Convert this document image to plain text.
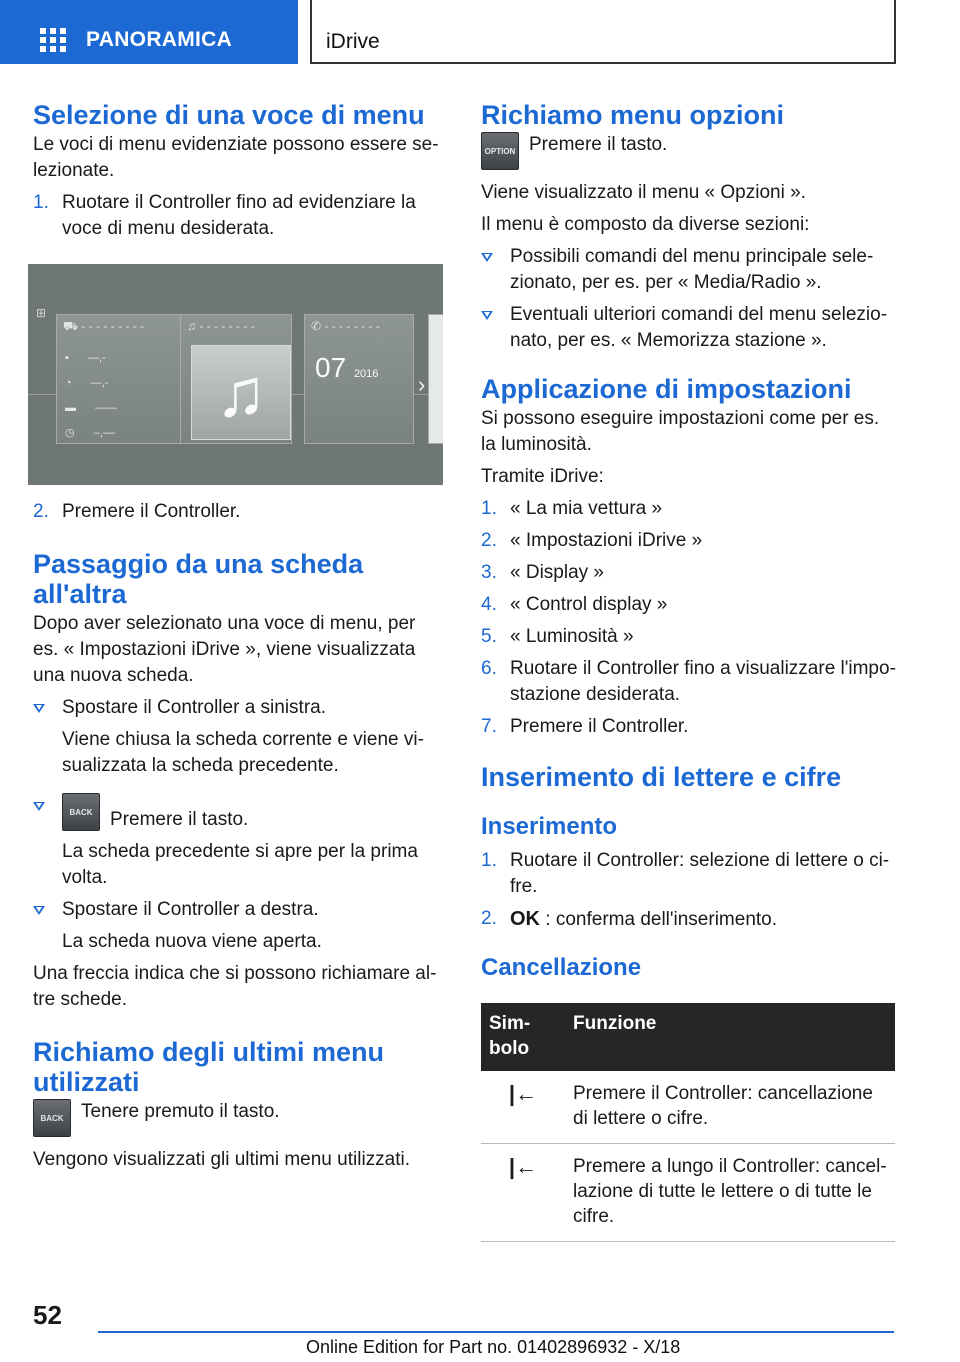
PANORAMICA	iDrive
Selezione di una voce di menu

Le voci di menu evidenziate possono essere selezionate.

1. Ruotare il Controller fino ad evidenziare la voce di menu desiderata.
⊞
⛟ - - - - - - - - -
▪ —,-
◔ —,-
▬ ——
◷ –,––
♫ - - - - - - - -
♫
✆ - - - - - - - -
07 2016 ›
2. Premere il Controller.
Passaggio da una scheda all'altra

Dopo aver selezionato una voce di menu, per es. « Impostazioni iDrive », viene visualizzata una nuova scheda.

Spostare il Controller a sinistra.
Viene chiusa la scheda corrente e viene visualizzata la scheda precedente.
BACK Premere il tasto.
La scheda precedente si apre per la prima volta.
Spostare il Controller a destra.
La scheda nuova viene aperta.

Una freccia indica che si possono richiamare altre schede.

Richiamo degli ultimi menu utilizzati
BACK Tenere premuto il tasto.

Vengono visualizzati gli ultimi menu utilizzati.

Richiamo menu opzioni
OPTION Premere il tasto.

Viene visualizzato il menu « Opzioni ».

Il menu è composto da diverse sezioni:

Possibili comandi del menu principale selezionato, per es. per « Media/Radio ».
Eventuali ulteriori comandi del menu selezionato, per es. « Memorizza stazione ».
Applicazione di impostazioni

Si possono eseguire impostazioni come per es. la luminosità.

Tramite iDrive:

1. « La mia vettura »
2. « Impostazioni iDrive »
3. « Display »
4. « Control display »
5. « Luminosità »
6. Ruotare il Controller fino a visualizzare l'impostazione desiderata.
7. Premere il Controller.
Inserimento di lettere e cifre
Inserimento
1. Ruotare il Controller: selezione di lettere o cifre.
2. OK : conferma dell'inserimento.
Cancellazione
Simbolo	Funzione
|←	Premere il Controller: cancellazione di lettere o cifre.
|←	Premere a lungo il Controller: cancellazione di tutte le lettere o di tutte le cifre.
52
Online Edition for Part no. 01402896932 - X/18
